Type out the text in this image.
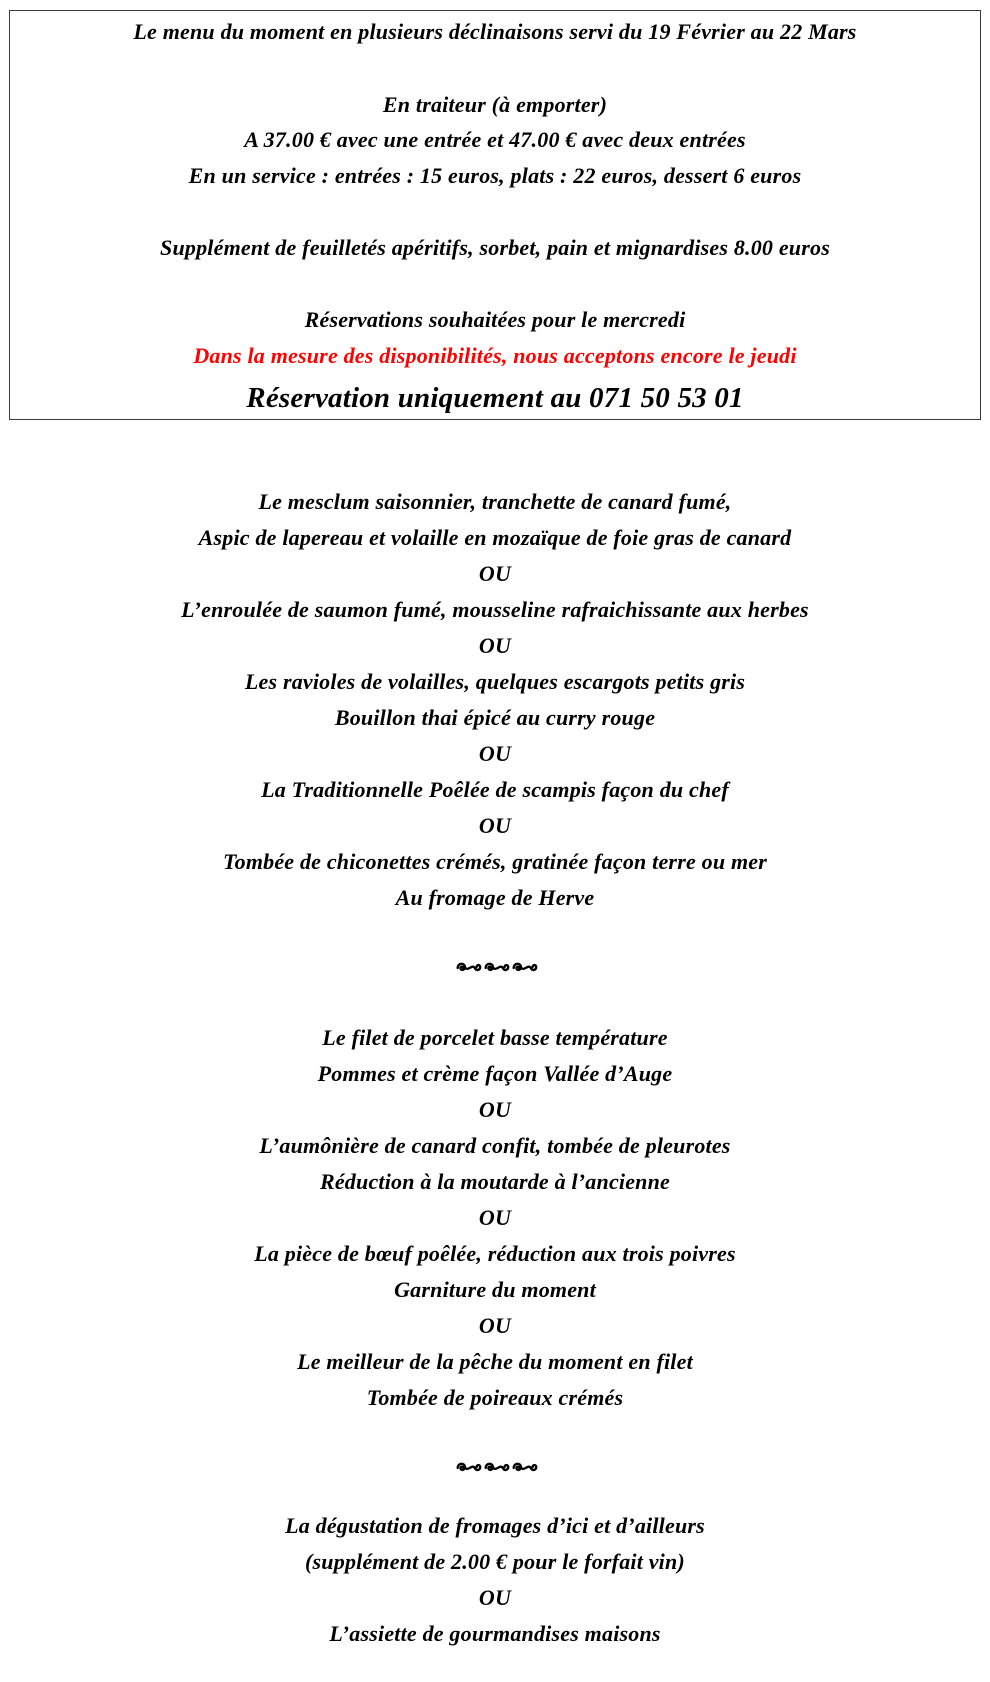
Le menu du moment en plusieurs déclinaisons servi du 19 Février au 22 Mars
En traiteur (à emporter)
A 37.00 € avec une entrée et 47.00 € avec deux entrées
En un service : entrées : 15 euros, plats : 22 euros, dessert 6 euros
Supplément de feuilletés apéritifs, sorbet, pain et mignardises 8.00 euros
Réservations souhaitées pour le mercredi
Dans la mesure des disponibilités, nous acceptons encore le jeudi
Réservation uniquement au 071 50 53 01
Le mesclum saisonnier, tranchette de canard fumé,
Aspic de lapereau et volaille en mozaïque de foie gras de canard
OU
L’enroulée de saumon fumé, mousseline rafraichissante aux herbes
OU
Les ravioles de volailles, quelques escargots petits gris
Bouillon thai épicé au curry rouge
OU
La Traditionnelle Poêlée de scampis façon du chef
OU
Tombée de chiconettes crémés, gratinée façon terre ou mer
Au fromage de Herve
Le filet de porcelet basse température
Pommes et crème façon Vallée d’Auge
OU
L’aumônière de canard confit, tombée de pleurotes
Réduction à la moutarde à l’ancienne
OU
La pièce de bœuf poêlée, réduction aux trois poivres
Garniture du moment
OU
Le meilleur de la pêche du moment en filet
Tombée de poireaux crémés
La dégustation de fromages d’ici et d’ailleurs
(supplément de 2.00 € pour le forfait vin)
OU
L’assiette de gourmandises maisons
